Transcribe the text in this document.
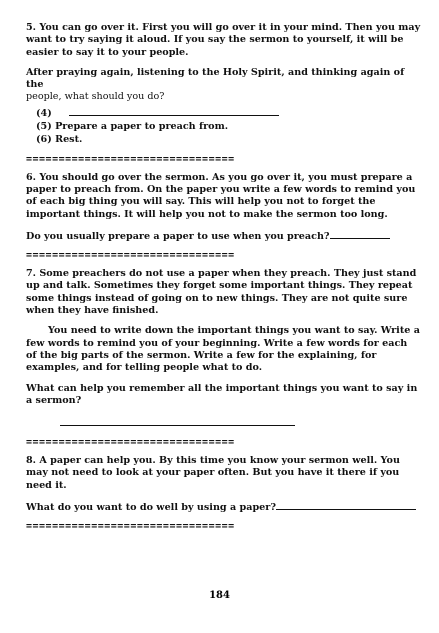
5. You can go over it. First you will go over it in your mind. Then you may want to try saying it aloud. If you say the sermon to yourself, it will be easier to say it to your people.

After praying again, listening to the Holy Spirit, and thinking again of the

people, what should you do?

(4)

(5) Prepare a paper to preach from.

(6) Rest.

================================

6. You should go over the sermon. As you go over it, you must prepare a paper to preach from. On the paper you write a few words to remind you of each big thing you will say. This will help you not to forget the important things. It will help you not to make the sermon too long.

Do you usually prepare a paper to use when you preach?

================================

7. Some preachers do not use a paper when they preach. They just stand up and talk. Sometimes they forget some important things. They repeat some things instead of going on to new things. They are not quite sure when they have finished.

You need to write down the important things you want to say. Write a few words to remind you of your beginning. Write a few words for each of the big parts of the sermon. Write a few for the explaining, for examples, and for telling people what to do.

What can help you remember all the important things you want to say in a sermon?

================================

8. A paper can help you. By this time you know your sermon well. You may not need to look at your paper often. But you have it there if you need it.

What do you want to do well by using a paper?

================================
184
